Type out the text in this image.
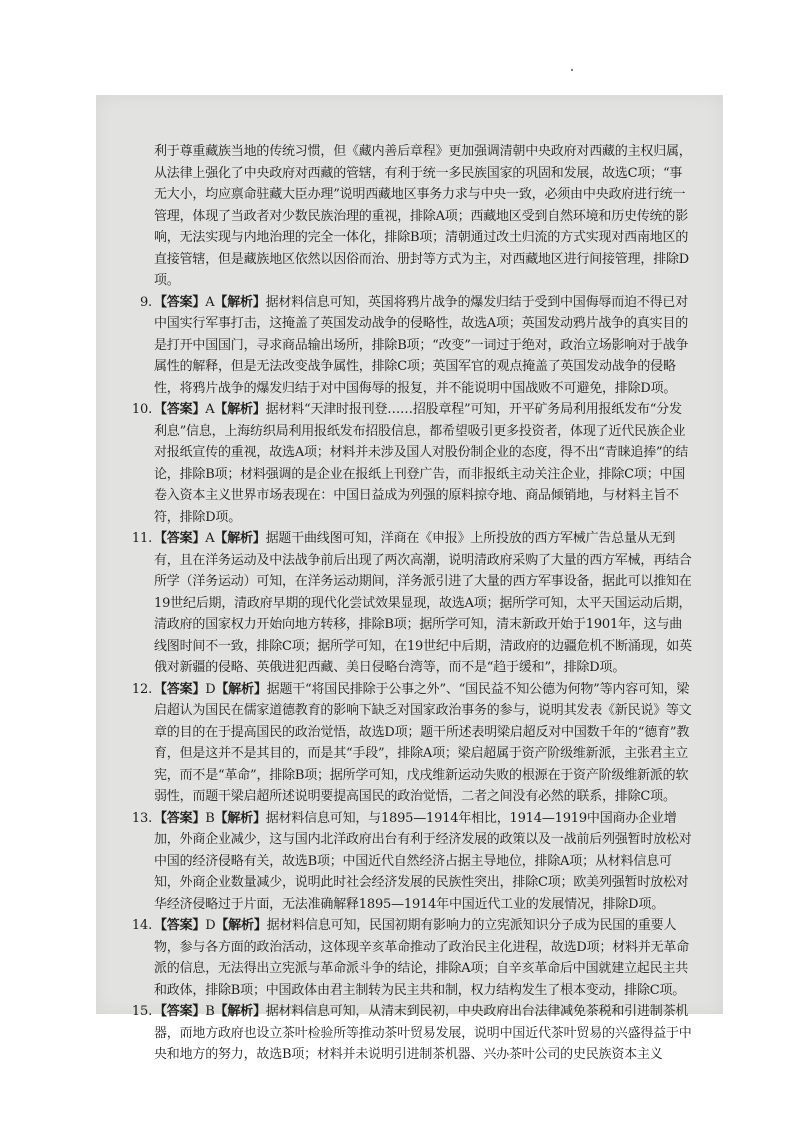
利于尊重藏族当地的传统习惯，但《藏内善后章程》更加强调清朝中央政府对西藏的主权归属，从法律上强化了中央政府对西藏的管辖，有利于统一多民族国家的巩固和发展，故选C项；“事无大小，均应禀命驻藏大臣办理”说明西藏地区事务力求与中央一致，必须由中央政府进行统一管理，体现了当政者对少数民族治理的重视，排除A项；西藏地区受到自然环境和历史传统的影响，无法实现与内地治理的完全一体化，排除B项；清朝通过改土归流的方式实现对西南地区的直接管辖，但是藏族地区依然以因俗而治、册封等方式为主，对西藏地区进行间接管理，排除D项。

9. 【答案】A【解析】据材料信息可知，英国将鸦片战争的爆发归结于受到中国侮辱而迫不得已对中国实行军事打击，这掩盖了英国发动战争的侵略性，故选A项；英国发动鸦片战争的真实目的是打开中国国门，寻求商品输出场所，排除B项；“改变”一词过于绝对，政治立场影响对于战争属性的解释，但是无法改变战争属性，排除C项；英国军官的观点掩盖了英国发动战争的侵略性，将鸦片战争的爆发归结于对中国侮辱的报复，并不能说明中国战败不可避免，排除D项。
10. 【答案】A【解析】据材料“天津时报刊登……招股章程”可知，开平矿务局利用报纸发布“分发利息”信息，上海纺织局利用报纸发布招股信息，都希望吸引更多投资者，体现了近代民族企业对报纸宣传的重视，故选A项；材料并未涉及国人对股份制企业的态度，得不出“青睐追捧”的结论，排除B项；材料强调的是企业在报纸上刊登广告，而非报纸主动关注企业，排除C项；中国卷入资本主义世界市场表现在：中国日益成为列强的原料掠夺地、商品倾销地，与材料主旨不符，排除D项。
11. 【答案】A【解析】据题干曲线图可知，洋商在《申报》上所投放的西方军械广告总量从无到有，且在洋务运动及中法战争前后出现了两次高潮，说明清政府采购了大量的西方军械，再结合所学（洋务运动）可知，在洋务运动期间，洋务派引进了大量的西方军事设备，据此可以推知在19世纪后期，清政府早期的现代化尝试效果显现，故选A项；据所学可知，太平天国运动后期，清政府的国家权力开始向地方转移，排除B项；据所学可知，清末新政开始于1901年，这与曲线图时间不一致，排除C项；据所学可知，在19世纪中后期，清政府的边疆危机不断涌现，如英俄对新疆的侵略、英俄进犯西藏、美日侵略台湾等，而不是“趋于缓和”，排除D项。
12. 【答案】D【解析】据题干“将国民排除于公事之外”、“国民益不知公德为何物”等内容可知，梁启超认为国民在儒家道德教育的影响下缺乏对国家政治事务的参与，说明其发表《新民说》等文章的目的在于提高国民的政治觉悟，故选D项；题干所述表明梁启超反对中国数千年的“德育”教育，但是这并不是其目的，而是其“手段”，排除A项；梁启超属于资产阶级维新派，主张君主立宪，而不是“革命”，排除B项；据所学可知，戊戌维新运动失败的根源在于资产阶级维新派的软弱性，而题干梁启超所述说明要提高国民的政治觉悟，二者之间没有必然的联系，排除C项。
13. 【答案】B【解析】据材料信息可知，与1895—1914年相比，1914—1919中国商办企业增加，外商企业减少，这与国内北洋政府出台有利于经济发展的政策以及一战前后列强暂时放松对中国的经济侵略有关，故选B项；中国近代自然经济占据主导地位，排除A项；从材料信息可知，外商企业数量减少，说明此时社会经济发展的民族性突出，排除C项；欧美列强暂时放松对华经济侵略过于片面，无法准确解释1895—1914年中国近代工业的发展情况，排除D项。
14. 【答案】D【解析】据材料信息可知，民国初期有影响力的立宪派知识分子成为民国的重要人物，参与各方面的政治活动，这体现辛亥革命推动了政治民主化进程，故选D项；材料并无革命派的信息，无法得出立宪派与革命派斗争的结论，排除A项；自辛亥革命后中国就建立起民主共和政体，排除B项；中国政体由君主制转为民主共和制，权力结构发生了根本变动，排除C项。
15. 【答案】B【解析】据材料信息可知，从清末到民初，中央政府出台法律减免茶税和引进制茶机器，而地方政府也设立茶叶检验所等推动茶叶贸易发展，说明中国近代茶叶贸易的兴盛得益于中央和地方的努力，故选B项；材料并未说明引进制茶机器、兴办茶叶公司的史民族资本主义
